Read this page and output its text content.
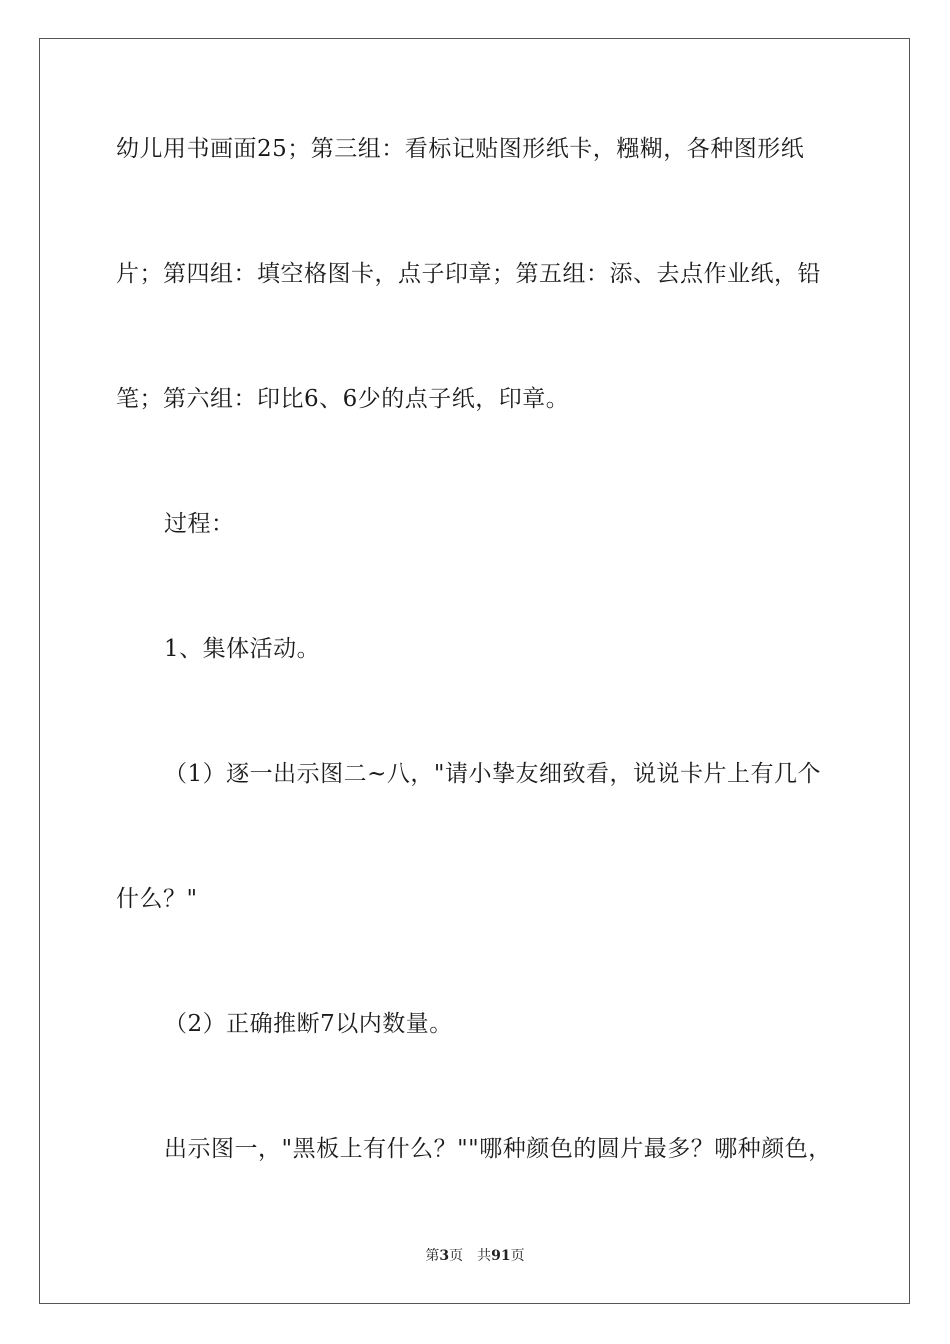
幼儿用书画面25；第三组：看标记贴图形纸卡，糨糊，各种图形纸
片；第四组：填空格图卡，点子印章；第五组：添、去点作业纸，铅
笔；第六组：印比6、6少的点子纸，印章。
过程：
1、集体活动。
（1）逐一出示图二~八，"请小挚友细致看，说说卡片上有几个
什么？"
（2）正确推断7以内数量。
出示图一，"黑板上有什么？""哪种颜色的圆片最多？哪种颜色，
第3页　共91页
